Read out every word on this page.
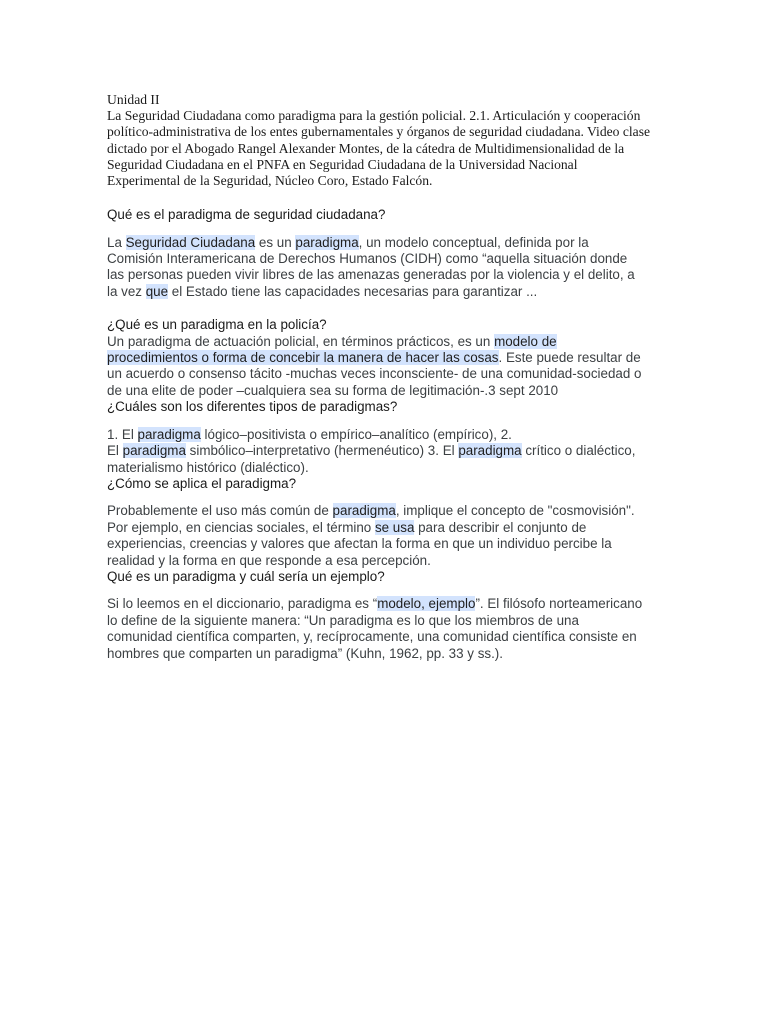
Unidad II
La Seguridad Ciudadana como paradigma para la gestión policial. 2.1. Articulación y cooperación
político-administrativa de los entes gubernamentales y órganos de seguridad ciudadana. Video clase
dictado por el Abogado Rangel Alexander Montes, de la cátedra de Multidimensionalidad de la
Seguridad Ciudadana en el PNFA en Seguridad Ciudadana de la Universidad Nacional
Experimental de la Seguridad, Núcleo Coro, Estado Falcón.

Qué es el paradigma de seguridad ciudadana?

La Seguridad Ciudadana es un paradigma, un modelo conceptual, definida por la
Comisión Interamericana de Derechos Humanos (CIDH) como “aquella situación donde
las personas pueden vivir libres de las amenazas generadas por la violencia y el delito, a
la vez que el Estado tiene las capacidades necesarias para garantizar ...

¿Qué es un paradigma en la policía?

Un paradigma de actuación policial, en términos prácticos, es un modelo de
procedimientos o forma de concebir la manera de hacer las cosas. Este puede resultar de
un acuerdo o consenso tácito -muchas veces inconsciente- de una comunidad-sociedad o
de una elite de poder –cualquiera sea su forma de legitimación-.3 sept 2010

¿Cuáles son los diferentes tipos de paradigmas?

1. El paradigma lógico–positivista o empírico–analítico (empírico), 2.
El paradigma simbólico–interpretativo (hermenéutico) 3. El paradigma crítico o dialéctico,
materialismo histórico (dialéctico).

¿Cómo se aplica el paradigma?

Probablemente el uso más común de paradigma, implique el concepto de "cosmovisión".
Por ejemplo, en ciencias sociales, el término se usa para describir el conjunto de
experiencias, creencias y valores que afectan la forma en que un individuo percibe la
realidad y la forma en que responde a esa percepción.

Qué es un paradigma y cuál sería un ejemplo?

Si lo leemos en el diccionario, paradigma es “modelo, ejemplo”. El filósofo norteamericano
lo define de la siguiente manera: “Un paradigma es lo que los miembros de una
comunidad científica comparten, y, recíprocamente, una comunidad científica consiste en
hombres que comparten un paradigma” (Kuhn, 1962, pp. 33 y ss.).
